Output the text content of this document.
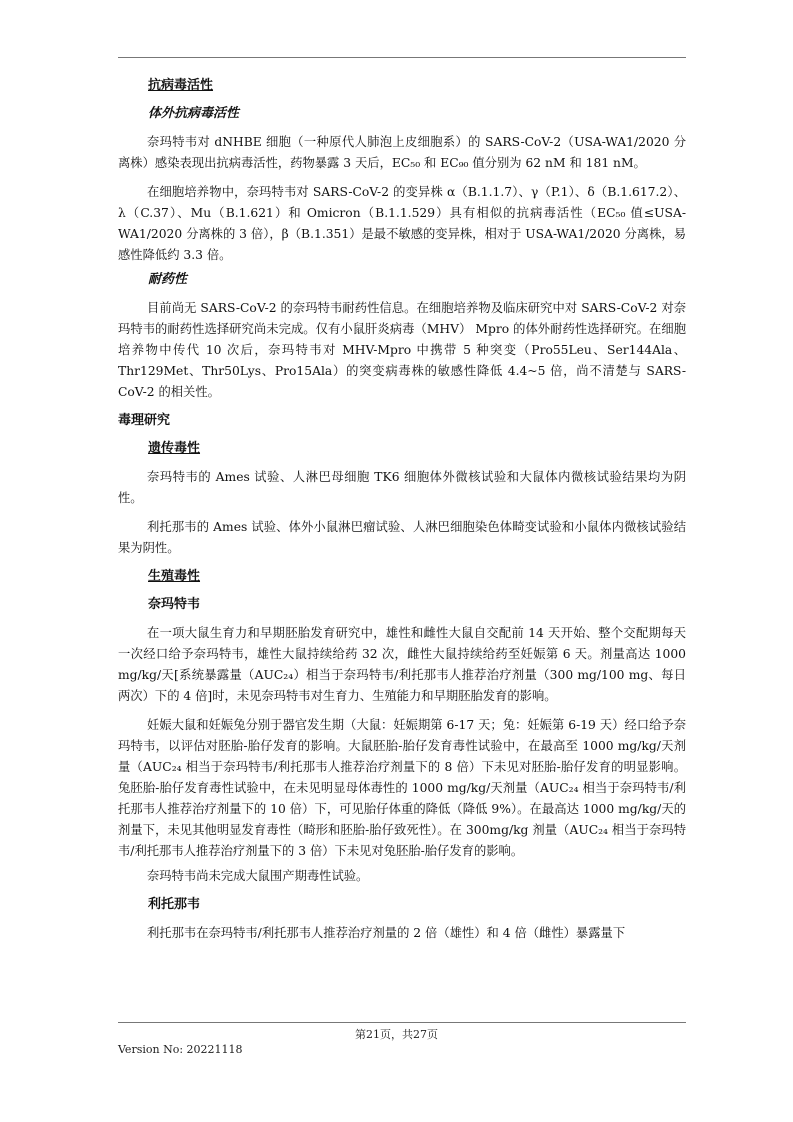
抗病毒活性
体外抗病毒活性

奈玛特韦对 dNHBE 细胞（一种原代人肺泡上皮细胞系）的 SARS-CoV-2（USA-WA1/2020 分离株）感染表现出抗病毒活性，药物暴露 3 天后，EC₅₀ 和 EC₉₀ 值分别为 62 nM 和 181 nM。

在细胞培养物中，奈玛特韦对 SARS-CoV-2 的变异株 α（B.1.1.7）、γ（P.1）、δ（B.1.617.2）、λ（C.37）、Mu（B.1.621）和 Omicron（B.1.1.529）具有相似的抗病毒活性（EC₅₀ 值≤USA-WA1/2020 分离株的 3 倍），β（B.1.351）是最不敏感的变异株，相对于 USA-WA1/2020 分离株，易感性降低约 3.3 倍。

耐药性

目前尚无 SARS-CoV-2 的奈玛特韦耐药性信息。在细胞培养物及临床研究中对 SARS-CoV-2 对奈玛特韦的耐药性选择研究尚未完成。仅有小鼠肝炎病毒（MHV） Mpro 的体外耐药性选择研究。在细胞培养物中传代 10 次后，奈玛特韦对 MHV-Mpro 中携带 5 种突变（Pro55Leu、Ser144Ala、Thr129Met、Thr50Lys、Pro15Ala）的突变病毒株的敏感性降低 4.4~5 倍，尚不清楚与 SARS-CoV-2 的相关性。

毒理研究
遗传毒性

奈玛特韦的 Ames 试验、人淋巴母细胞 TK6 细胞体外微核试验和大鼠体内微核试验结果均为阴性。

利托那韦的 Ames 试验、体外小鼠淋巴瘤试验、人淋巴细胞染色体畸变试验和小鼠体内微核试验结果为阴性。

生殖毒性
奈玛特韦

在一项大鼠生育力和早期胚胎发育研究中，雄性和雌性大鼠自交配前 14 天开始、整个交配期每天一次经口给予奈玛特韦，雄性大鼠持续给药 32 次，雌性大鼠持续给药至妊娠第 6 天。剂量高达 1000 mg/kg/天[系统暴露量（AUC₂₄）相当于奈玛特韦/利托那韦人推荐治疗剂量（300 mg/100 mg、每日两次）下的 4 倍]时，未见奈玛特韦对生育力、生殖能力和早期胚胎发育的影响。

妊娠大鼠和妊娠兔分别于器官发生期（大鼠：妊娠期第 6-17 天；兔：妊娠第 6-19 天）经口给予奈玛特韦，以评估对胚胎-胎仔发育的影响。大鼠胚胎-胎仔发育毒性试验中，在最高至 1000 mg/kg/天剂量（AUC₂₄ 相当于奈玛特韦/利托那韦人推荐治疗剂量下的 8 倍）下未见对胚胎-胎仔发育的明显影响。兔胚胎-胎仔发育毒性试验中，在未见明显母体毒性的 1000 mg/kg/天剂量（AUC₂₄ 相当于奈玛特韦/利托那韦人推荐治疗剂量下的 10 倍）下，可见胎仔体重的降低（降低 9%）。在最高达 1000 mg/kg/天的剂量下，未见其他明显发育毒性（畸形和胚胎-胎仔致死性）。在 300mg/kg 剂量（AUC₂₄ 相当于奈玛特韦/利托那韦人推荐治疗剂量下的 3 倍）下未见对兔胚胎-胎仔发育的影响。

奈玛特韦尚未完成大鼠围产期毒性试验。

利托那韦

利托那韦在奈玛特韦/利托那韦人推荐治疗剂量的 2 倍（雄性）和 4 倍（雌性）暴露量下

第21页，共27页
Version No: 20221118
